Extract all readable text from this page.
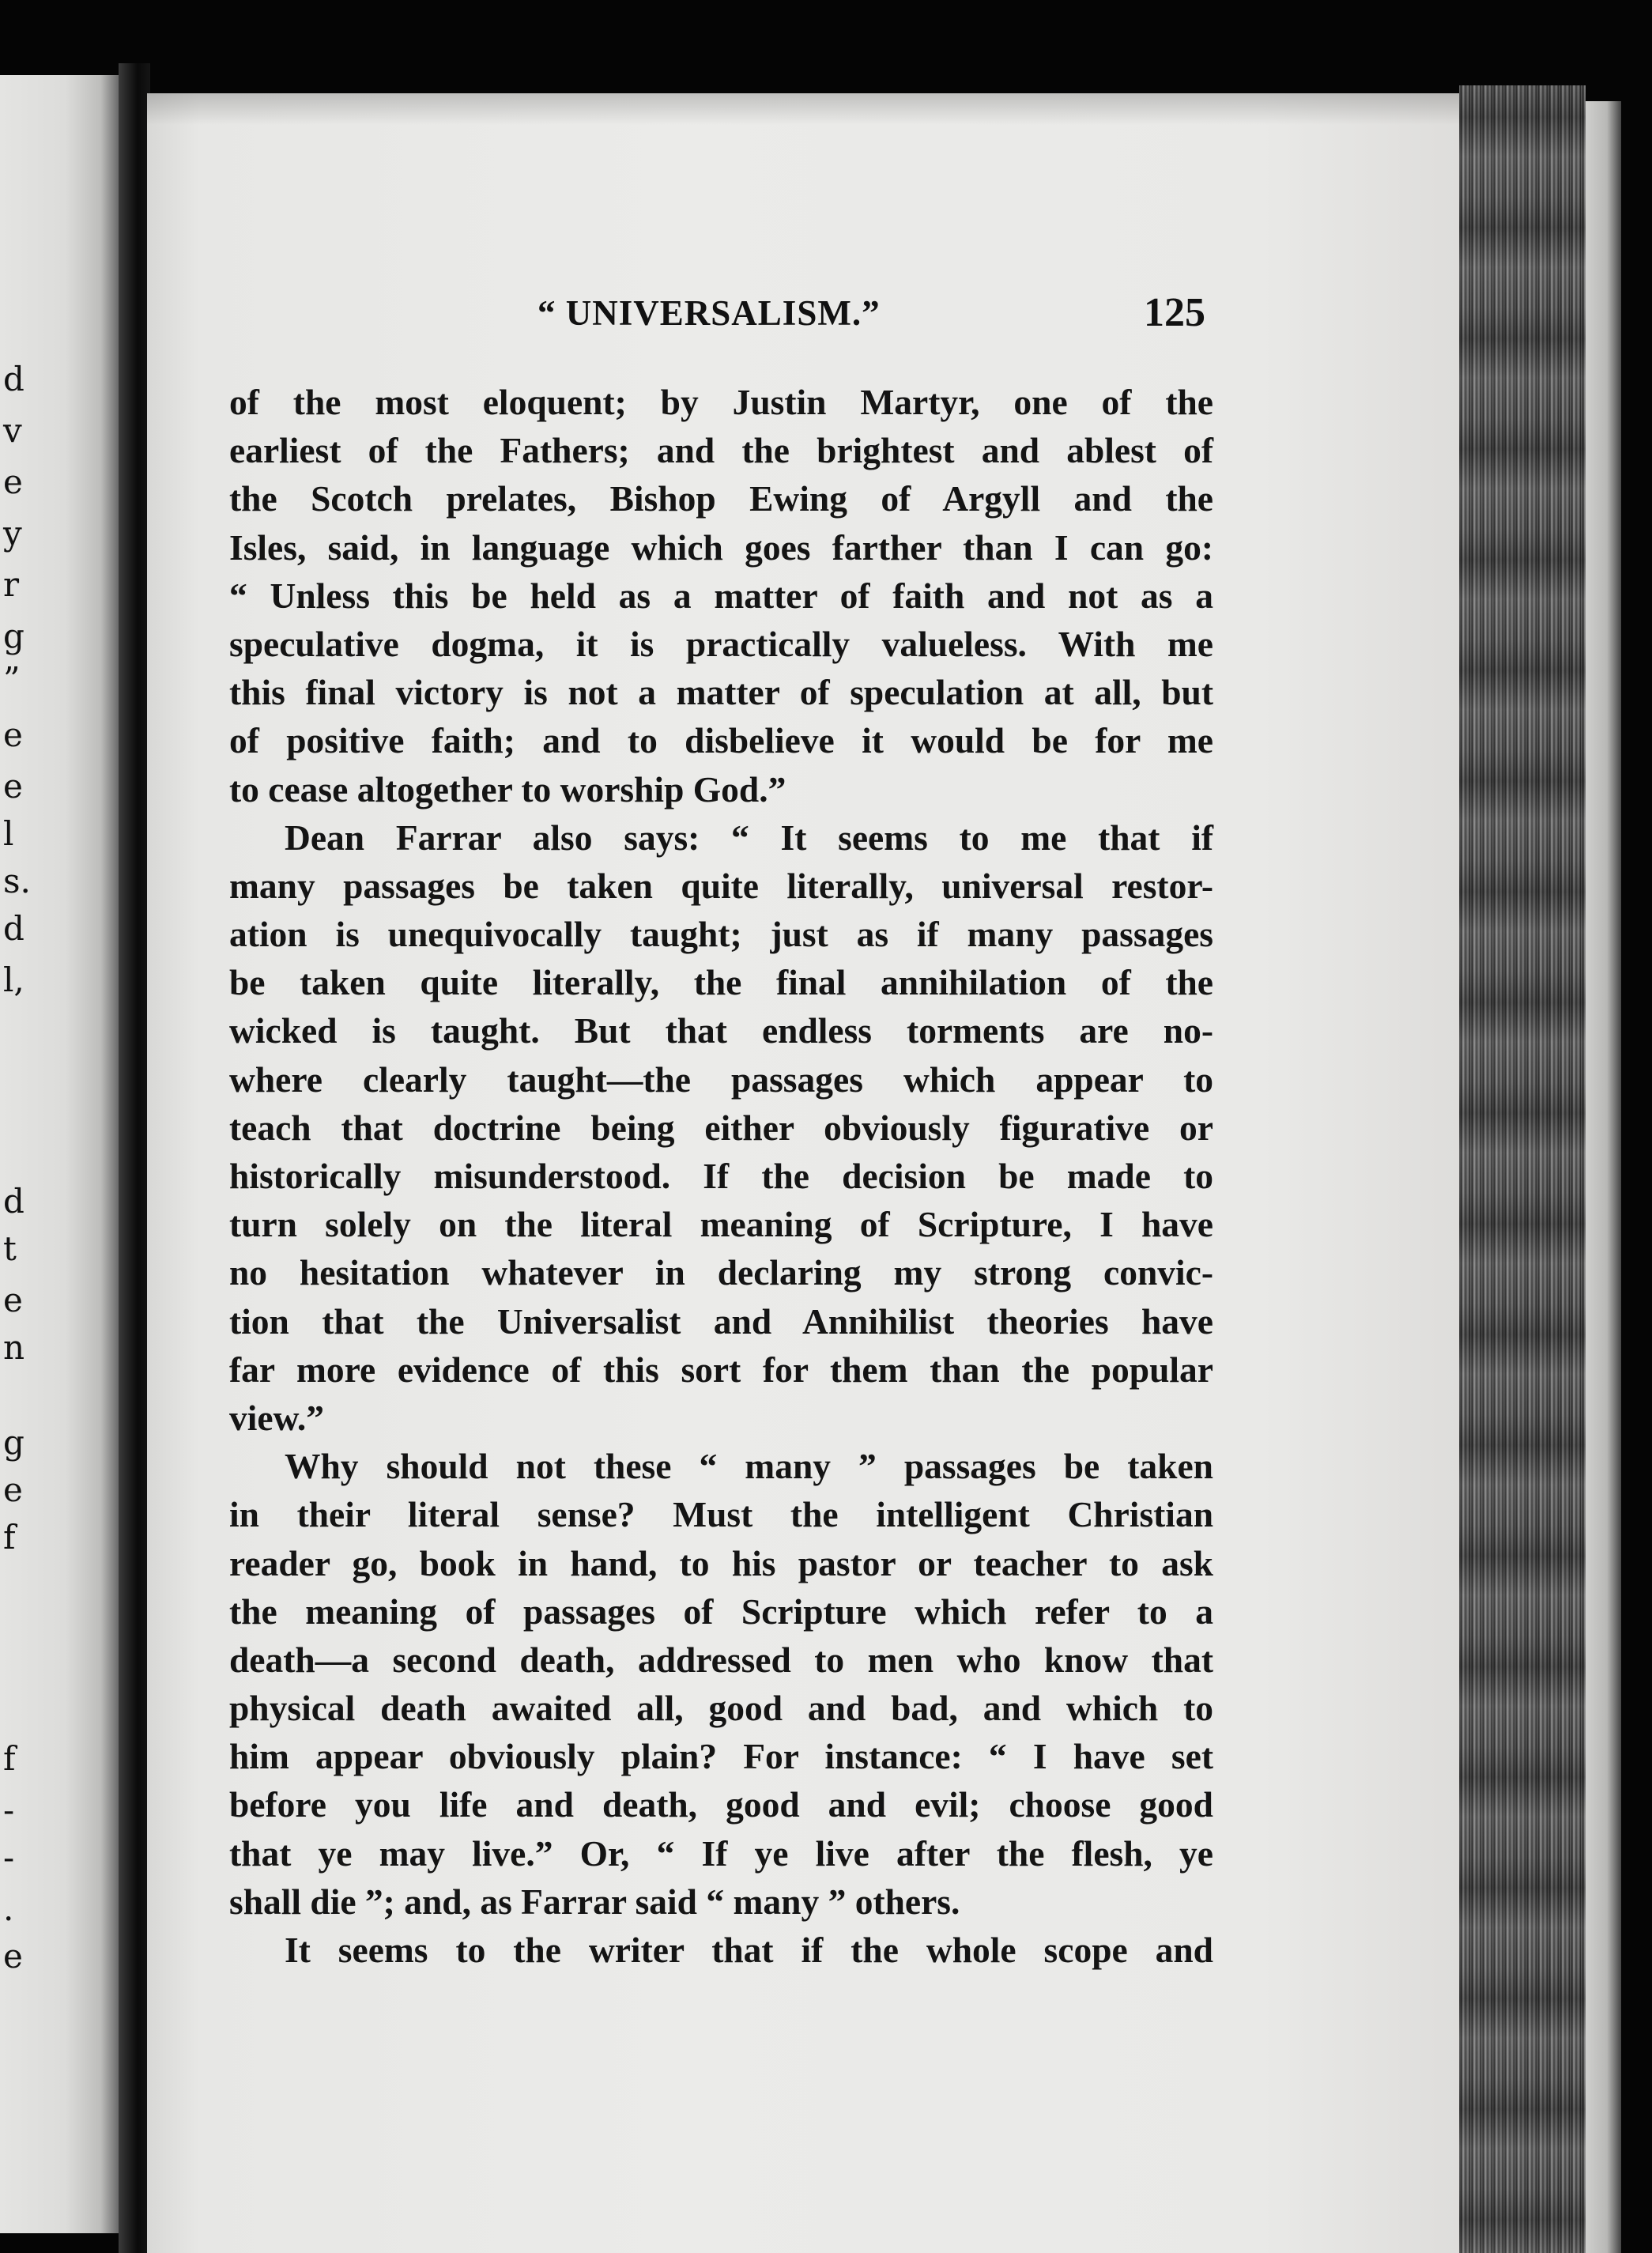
d
v
e
y
r
g
”
e
e
l
s.
d
l,
d
t
e
n
g
e
f
f
-
-
.
e
“ UNIVERSALISM.”	125
of the most eloquent; by Justin Martyr, one of the
earliest of the Fathers; and the brightest and ablest of
the Scotch prelates, Bishop Ewing of Argyll and the
Isles, said, in language which goes farther than I can go:
“ Unless this be held as a matter of faith and not as a
speculative dogma, it is practically valueless. With me
this final victory is not a matter of speculation at all, but
of positive faith; and to disbelieve it would be for me
to cease altogether to worship God.”
Dean Farrar also says: “ It seems to me that if
many passages be taken quite literally, universal restor-
ation is unequivocally taught; just as if many passages
be taken quite literally, the final annihilation of the
wicked is taught. But that endless torments are no-
where clearly taught—the passages which appear to
teach that doctrine being either obviously figurative or
historically misunderstood. If the decision be made to
turn solely on the literal meaning of Scripture, I have
no hesitation whatever in declaring my strong convic-
tion that the Universalist and Annihilist theories have
far more evidence of this sort for them than the popular
view.”
Why should not these “ many ” passages be taken
in their literal sense? Must the intelligent Christian
reader go, book in hand, to his pastor or teacher to ask
the meaning of passages of Scripture which refer to a
death—a second death, addressed to men who know that
physical death awaited all, good and bad, and which to
him appear obviously plain? For instance: “ I have set
before you life and death, good and evil; choose good
that ye may live.” Or, “ If ye live after the flesh, ye
shall die ”; and, as Farrar said “ many ” others.
It seems to the writer that if the whole scope and
